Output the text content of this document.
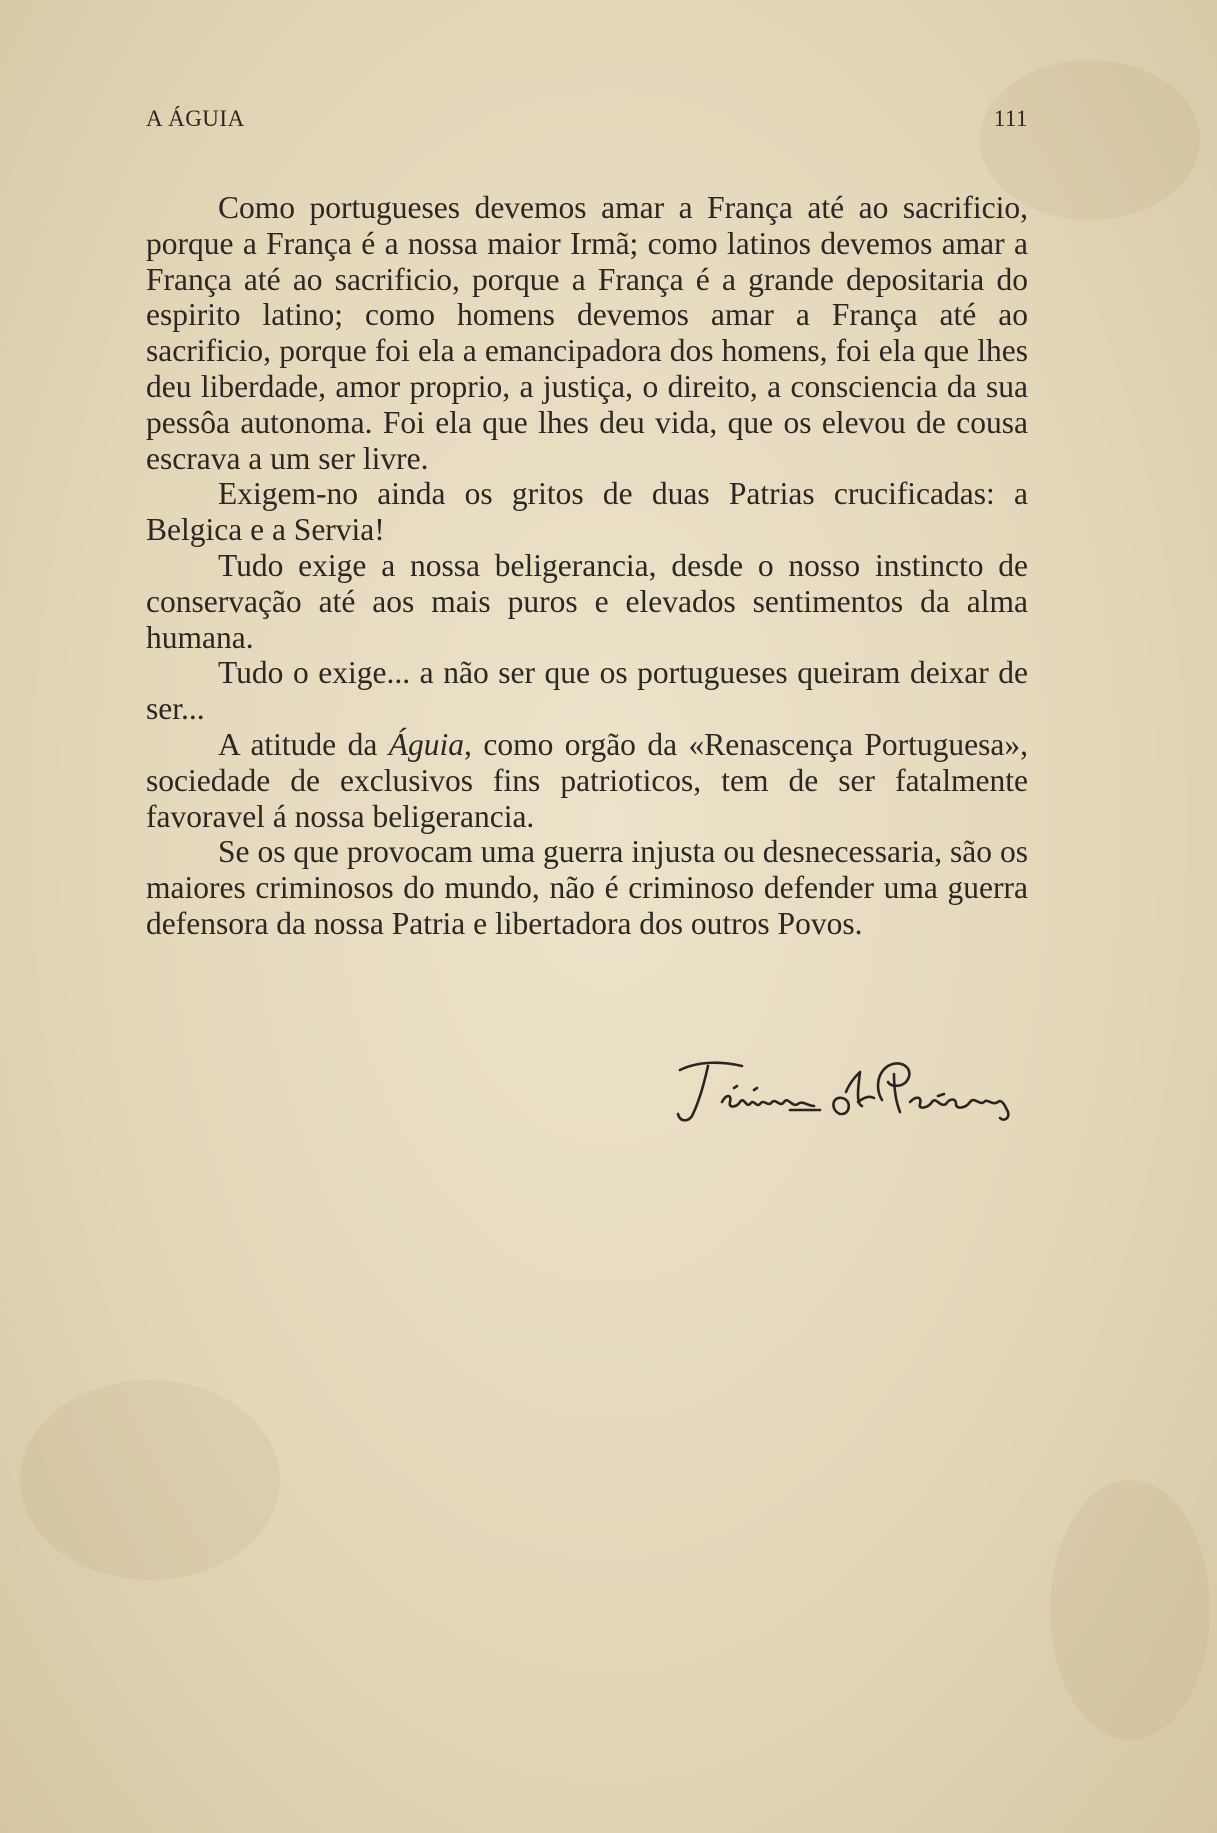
A ÁGUIA	111

Como portugueses devemos amar a França até ao sacrificio, porque a França é a nossa maior Irmã; como latinos devemos amar a França até ao sacrificio, porque a França é a grande depositaria do espirito latino; como homens devemos amar a França até ao sacrificio, porque foi ela a emancipadora dos homens, foi ela que lhes deu liberdade, amor proprio, a justiça, o direito, a consciencia da sua pessôa autonoma. Foi ela que lhes deu vida, que os elevou de cousa escrava a um ser livre.

Exigem-no ainda os gritos de duas Patrias crucificadas: a Belgica e a Servia!

Tudo exige a nossa beligerancia, desde o nosso instincto de conservação até aos mais puros e elevados sentimentos da alma humana.

Tudo o exige... a não ser que os portugueses queiram deixar de ser...

A atitude da Águia, como orgão da «Renascença Portuguesa», sociedade de exclusivos fins patrioticos, tem de ser fatalmente favoravel á nossa beligerancia.

Se os que provocam uma guerra injusta ou desnecessaria, são os maiores criminosos do mundo, não é criminoso defender uma guerra defensora da nossa Patria e libertadora dos outros Povos.
